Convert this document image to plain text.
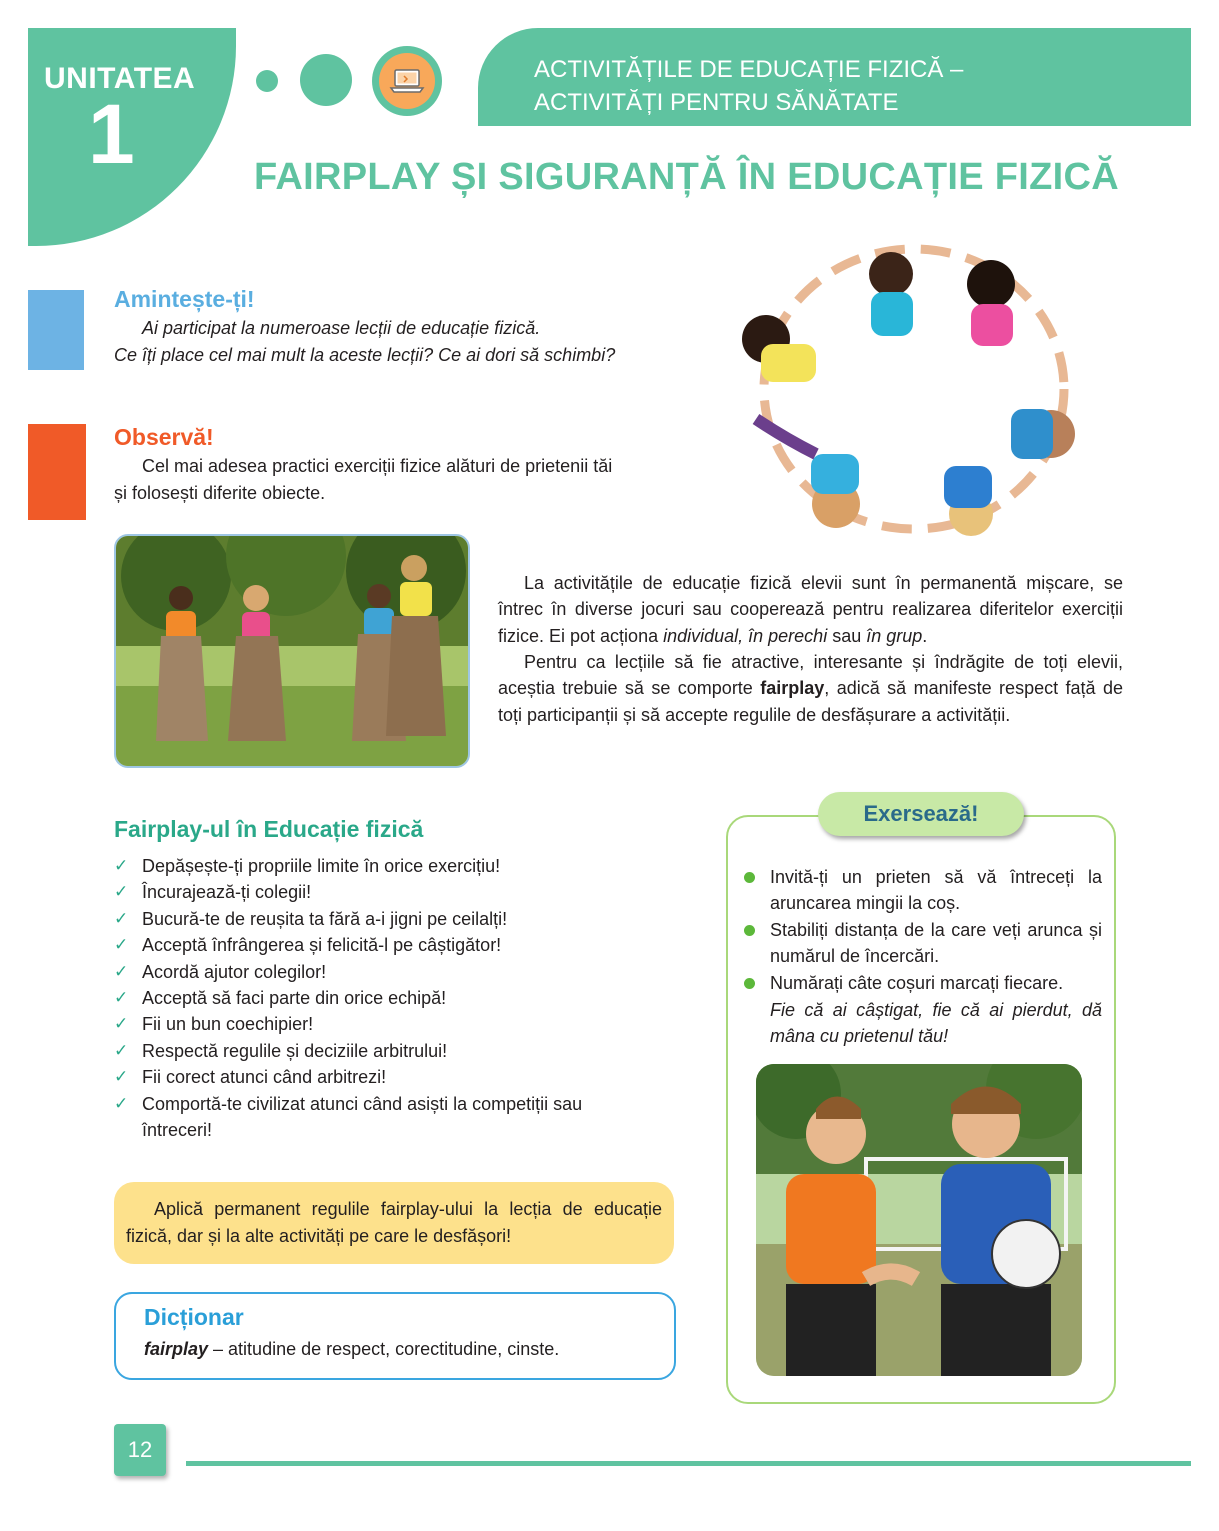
UNITATEA
1
ACTIVITĂȚILE DE EDUCAȚIE FIZICĂ –
ACTIVITĂȚI PENTRU SĂNĂTATE
FAIRPLAY ȘI SIGURANȚĂ ÎN EDUCAȚIE FIZICĂ
Amintește-ți!
Ai participat la numeroase lecții de educație fizică.
Ce îți place cel mai mult la aceste lecții? Ce ai dori să schimbi?
Observă!
Cel mai adesea practici exerciții fizice alături de prietenii tăi
și folosești diferite obiecte.
La activitățile de educație fizică elevii sunt în permanentă mișcare, se întrec în diverse jocuri sau cooperează pentru realizarea diferitelor exerciții fizice. Ei pot acționa individual, în perechi sau în grup.
Pentru ca lecțiile să fie atractive, interesante și îndrăgite de toți elevii, aceștia trebuie să se comporte fairplay, adică să manifeste respect față de toți participanții și să accepte regulile de desfășurare a activității.
Fairplay-ul în Educație fizică
✓ Depășește-ți propriile limite în orice exercițiu!
✓ Încurajează-ți colegii!
✓ Bucură-te de reușita ta fără a-i jigni pe ceilalți!
✓ Acceptă înfrângerea și felicită-l pe câștigător!
✓ Acordă ajutor colegilor!
✓ Acceptă să faci parte din orice echipă!
✓ Fii un bun coechipier!
✓ Respectă regulile și deciziile arbitrului!
✓ Fii corect atunci când arbitrezi!
✓ Comportă-te civilizat atunci când asiști la competiții sau întreceri!
Exersează!
Invită-ți un prieten să vă întreceți la aruncarea mingii la coș.
Stabiliți distanța de la care veți arunca și numărul de încercări.
Numărați câte coșuri marcați fiecare.
Fie că ai câștigat, fie că ai pierdut, dă mâna cu prietenul tău!
Aplică permanent regulile fairplay-ului la lecția de educație fizică, dar și la alte activități pe care le desfășori!
Dicționar
fairplay – atitudine de respect, corectitudine, cinste.
12
